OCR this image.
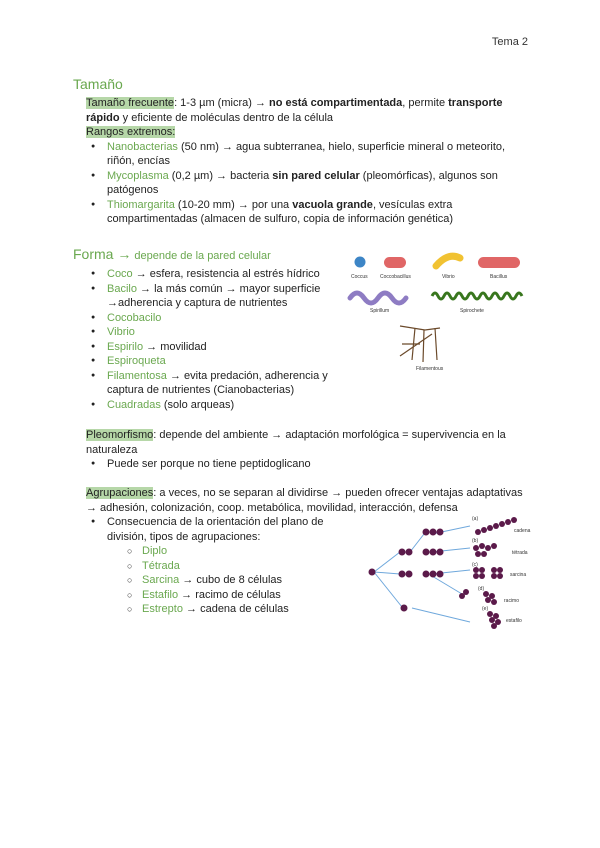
Tema 2
Tamaño
Tamaño frecuente: 1-3 µm (micra) → no está compartimentada, permite transporte rápido y eficiente de moléculas dentro de la célula
Rangos extremos:
● Nanobacterias (50 nm) → agua subterranea, hielo, superficie mineral o meteorito, riñón, encías
● Mycoplasma (0,2 µm) → bacteria sin pared celular (pleomórficas), algunos son patógenos
● Thiomargarita (10-20 mm) → por una vacuola grande, vesículas extra compartimentadas (almacen de sulfuro, copia de información genética)
Forma → depende de la pared celular
● Coco → esfera, resistencia al estrés hídrico
● Bacilo → la más común → mayor superficie →adherencia y captura de nutrientes
● Cocobacilo
● Vibrio
● Espirilo → movilidad
● Espiroqueta
● Filamentosa → evita predación, adherencia y captura de nutrientes (Cianobacterias)
● Cuadradas (solo arqueas)
Coccus Coccobacillus	Vibrio	Bacillus
Spirillum	Spirochete
Filamentous
Pleomorfismo: depende del ambiente → adaptación morfológica = supervivencia en la naturaleza
● Puede ser porque no tiene peptidoglicano
Agrupaciones: a veces, no se separan al dividirse → pueden ofrecer ventajas adaptativas → adhesión, colonización, coop. metabólica, movilidad, interacción, defensa
● Consecuencia de la orientación del plano de división, tipos de agrupaciones:
○ Diplo
○ Tétrada
○ Sarcina → cubo de 8 células
○ Estafilo → racimo de células
○ Estrepto → cadena de células
(a)
(b)
(c)
(d)
(e)
cadena
tétrada
sarcina
racimo
estafilo
